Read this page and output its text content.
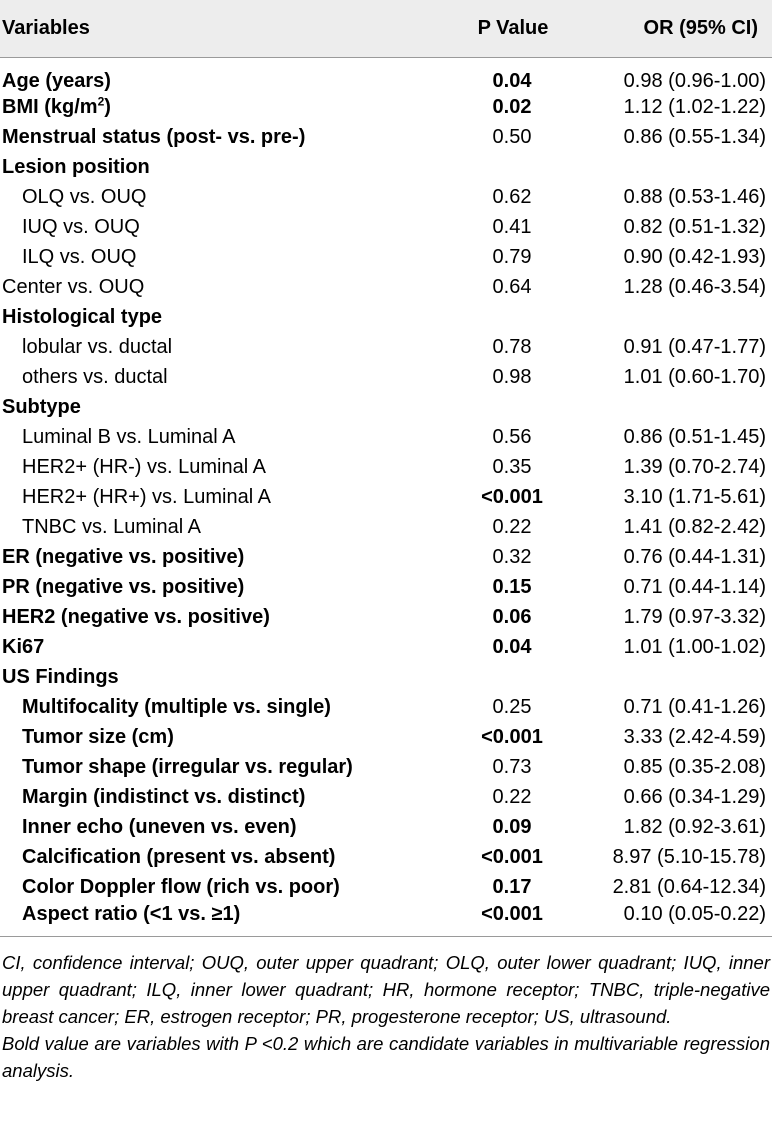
Variables	P Value	OR (95% CI)
Age (years)	0.04	0.98 (0.96-1.00)
BMI $(kg/m^2)$	0.02	1.12 (1.02-1.22)
Menstrual status (post- vs. pre-)	0.50	0.86 (0.55-1.34)
Lesion position		
OLQ vs. OUQ	0.62	0.88 (0.53-1.46)
IUQ vs. OUQ	0.41	0.82 (0.51-1.32)
ILQ vs. OUQ	0.79	0.90 (0.42-1.93)
Center vs. OUQ	0.64	1.28 (0.46-3.54)
Histological type		
lobular vs. ductal	0.78	0.91 (0.47-1.77)
others vs. ductal	0.98	1.01 (0.60-1.70)
Subtype		
Luminal B vs. Luminal A	0.56	0.86 (0.51-1.45)
HER2+ (HR-) vs. Luminal A	0.35	1.39 (0.70-2.74)
HER2+ (HR+) vs. Luminal A	<0.001	3.10 (1.71-5.61)
TNBC vs. Luminal A	0.22	1.41 (0.82-2.42)
ER (negative vs. positive)	0.32	0.76 (0.44-1.31)
PR (negative vs. positive)	0.15	0.71 (0.44-1.14)
HER2 (negative vs. positive)	0.06	1.79 (0.97-3.32)
Ki67	0.04	1.01 (1.00-1.02)
US Findings		
Multifocality (multiple vs. single)	0.25	0.71 (0.41-1.26)
Tumor size (cm)	<0.001	3.33 (2.42-4.59)
Tumor shape (irregular vs. regular)	0.73	0.85 (0.35-2.08)
Margin (indistinct vs. distinct)	0.22	0.66 (0.34-1.29)
Inner echo (uneven vs. even)	0.09	1.82 (0.92-3.61)
Calcification (present vs. absent)	<0.001	8.97 (5.10-15.78)
Color Doppler flow (rich vs. poor)	0.17	2.81 (0.64-12.34)
Aspect ratio (<1 vs. ≥1)	<0.001	0.10 (0.05-0.22)

CI, confidence interval; OUQ, outer upper quadrant; OLQ, outer lower quadrant; IUQ, inner upper quadrant; ILQ, inner lower quadrant; HR, hormone receptor; TNBC, triple-negative breast cancer; ER, estrogen receptor; PR, progesterone receptor; US, ultrasound.

Bold value are variables with P <0.2 which are candidate variables in multivariable regression analysis.
